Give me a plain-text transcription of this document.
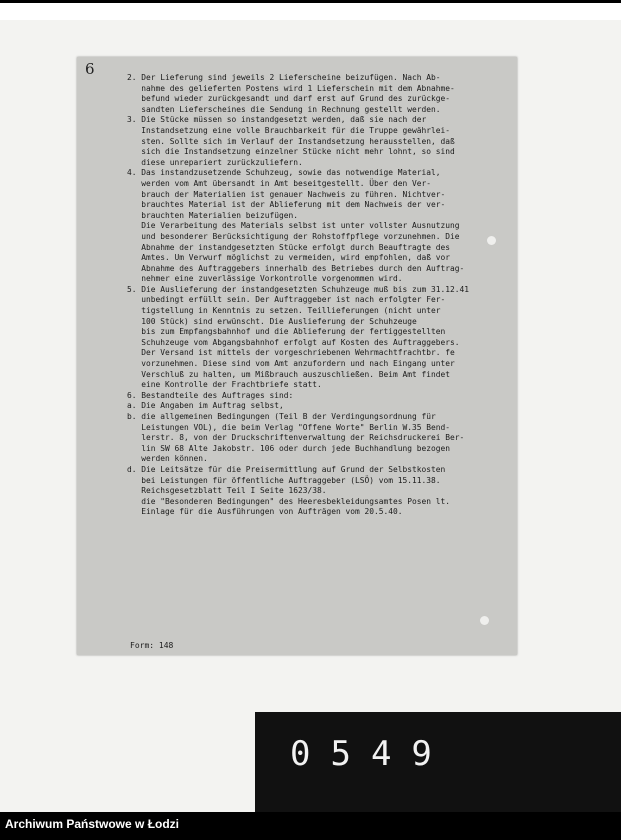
6	2. Der Lieferung sind jeweils 2 Lieferscheine beizufügen. Nach Ab-
nahme des gelieferten Postens wird 1 Lieferschein mit dem Abnahme-
befund wieder zurückgesandt und darf erst auf Grund des zurückge-
sandten Lieferscheines die Sendung in Rechnung gestellt werden.
3. Die Stücke müssen so instandgesetzt werden, daß sie nach der
Instandsetzung eine volle Brauchbarkeit für die Truppe gewährlei-
sten. Sollte sich im Verlauf der Instandsetzung herausstellen, daß
sich die Instandsetzung einzelner Stücke nicht mehr lohnt, so sind
diese unrepariert zurückzuliefern.
4. Das instandzusetzende Schuhzeug, sowie das notwendige Material,
werden vom Amt übersandt in Amt beseitgestellt. Über den Ver-
brauch der Materialien ist genauer Nachweis zu führen. Nichtver-
brauchtes Material ist der Ablieferung mit dem Nachweis der ver-
brauchten Materialien beizufügen.
Die Verarbeitung des Materials selbst ist unter vollster Ausnutzung
und besonderer Berücksichtigung der Rohstoffpflege vorzunehmen. Die
Abnahme der instandgesetzten Stücke erfolgt durch Beauftragte des
Amtes. Um Verwurf möglichst zu vermeiden, wird empfohlen, daß vor
Abnahme des Auftraggebers innerhalb des Betriebes durch den Auftrag-
nehmer eine zuverlässige Vorkontrolle vorgenommen wird.
5. Die Auslieferung der instandgesetzten Schuhzeuge muß bis zum 31.12.41
unbedingt erfüllt sein. Der Auftraggeber ist nach erfolgter Fer-
tigstellung in Kenntnis zu setzen. Teillieferungen (nicht unter
100 Stück) sind erwünscht. Die Auslieferung der Schuhzeuge
bis zum Empfangsbahnhof und die Ablieferung der fertiggestellten
Schuhzeuge vom Abgangsbahnhof erfolgt auf Kosten des Auftraggebers.
Der Versand ist mittels der vorgeschriebenen Wehrmachtfrachtbr. fe
vorzunehmen. Diese sind vom Amt anzufordern und nach Eingang unter
Verschluß zu halten, um Mißbrauch auszuschließen. Beim Amt findet
eine Kontrolle der Frachtbriefe statt.
6. Bestandteile des Auftrages sind:
a. Die Angaben im Auftrag selbst,
b. die allgemeinen Bedingungen (Teil B der Verdingungsordnung für
Leistungen VOL), die beim Verlag "Offene Worte" Berlin W.35 Bend-
lerstr. 8, von der Druckschriftenverwaltung der Reichsdruckerei Ber-
lin SW 68 Alte Jakobstr. 106 oder durch jede Buchhandlung bezogen
werden können.
d. Die Leitsätze für die Preisermittlung auf Grund der Selbstkosten
bei Leistungen für öffentliche Auftraggeber (LSÖ) vom 15.11.38.
Reichsgesetzblatt Teil I Seite 1623/38.
die "Besonderen Bedingungen" des Heeresbekleidungsamtes Posen lt.
Einlage für die Ausführungen von Aufträgen vom 20.5.40.
Form: 148
0549
Archiwum Państwowe w Łodzi
